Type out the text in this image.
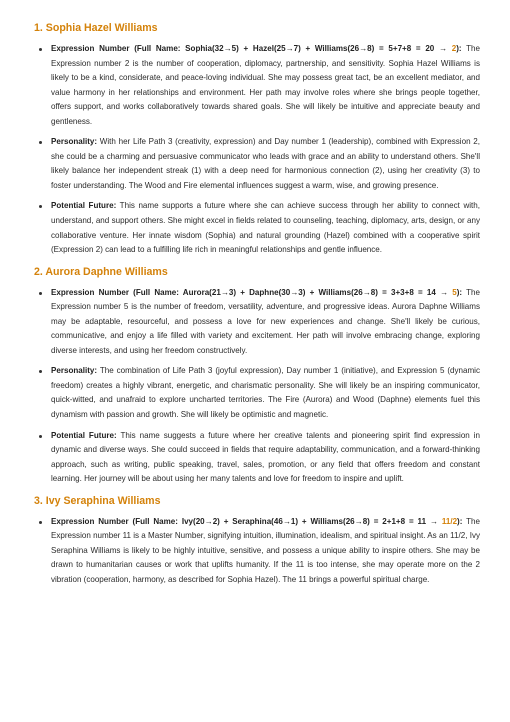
1. Sophia Hazel Williams
Expression Number (Full Name: Sophia(32→5) + Hazel(25→7) + Williams(26→8) = 5+7+8 = 20 → 2): The Expression number 2 is the number of cooperation, diplomacy, partnership, and sensitivity. Sophia Hazel Williams is likely to be a kind, considerate, and peace-loving individual. She may possess great tact, be an excellent mediator, and value harmony in her relationships and environment. Her path may involve roles where she brings people together, offers support, and works collaboratively towards shared goals. She will likely be intuitive and appreciate beauty and gentleness.
Personality: With her Life Path 3 (creativity, expression) and Day number 1 (leadership), combined with Expression 2, she could be a charming and persuasive communicator who leads with grace and an ability to understand others. She'll likely balance her independent streak (1) with a deep need for harmonious connection (2), using her creativity (3) to foster understanding. The Wood and Fire elemental influences suggest a warm, wise, and growing presence.
Potential Future: This name supports a future where she can achieve success through her ability to connect with, understand, and support others. She might excel in fields related to counseling, teaching, diplomacy, arts, design, or any collaborative venture. Her innate wisdom (Sophia) and natural grounding (Hazel) combined with a cooperative spirit (Expression 2) can lead to a fulfilling life rich in meaningful relationships and gentle influence.
2. Aurora Daphne Williams
Expression Number (Full Name: Aurora(21→3) + Daphne(30→3) + Williams(26→8) = 3+3+8 = 14 → 5): The Expression number 5 is the number of freedom, versatility, adventure, and progressive ideas. Aurora Daphne Williams may be adaptable, resourceful, and possess a love for new experiences and change. She'll likely be curious, communicative, and enjoy a life filled with variety and excitement. Her path will involve embracing change, exploring diverse interests, and using her freedom constructively.
Personality: The combination of Life Path 3 (joyful expression), Day number 1 (initiative), and Expression 5 (dynamic freedom) creates a highly vibrant, energetic, and charismatic personality. She will likely be an inspiring communicator, quick-witted, and unafraid to explore uncharted territories. The Fire (Aurora) and Wood (Daphne) elements fuel this dynamism with passion and growth. She will likely be optimistic and magnetic.
Potential Future: This name suggests a future where her creative talents and pioneering spirit find expression in dynamic and diverse ways. She could succeed in fields that require adaptability, communication, and a forward-thinking approach, such as writing, public speaking, travel, sales, promotion, or any field that offers freedom and constant learning. Her journey will be about using her many talents and love for freedom to inspire and uplift.
3. Ivy Seraphina Williams
Expression Number (Full Name: Ivy(20→2) + Seraphina(46→1) + Williams(26→8) = 2+1+8 = 11 → 11/2): The Expression number 11 is a Master Number, signifying intuition, illumination, idealism, and spiritual insight. As an 11/2, Ivy Seraphina Williams is likely to be highly intuitive, sensitive, and possess a unique ability to inspire others. She may be drawn to humanitarian causes or work that uplifts humanity. If the 11 is too intense, she may operate more on the 2 vibration (cooperation, harmony, as described for Sophia Hazel). The 11 brings a powerful spiritual charge.
